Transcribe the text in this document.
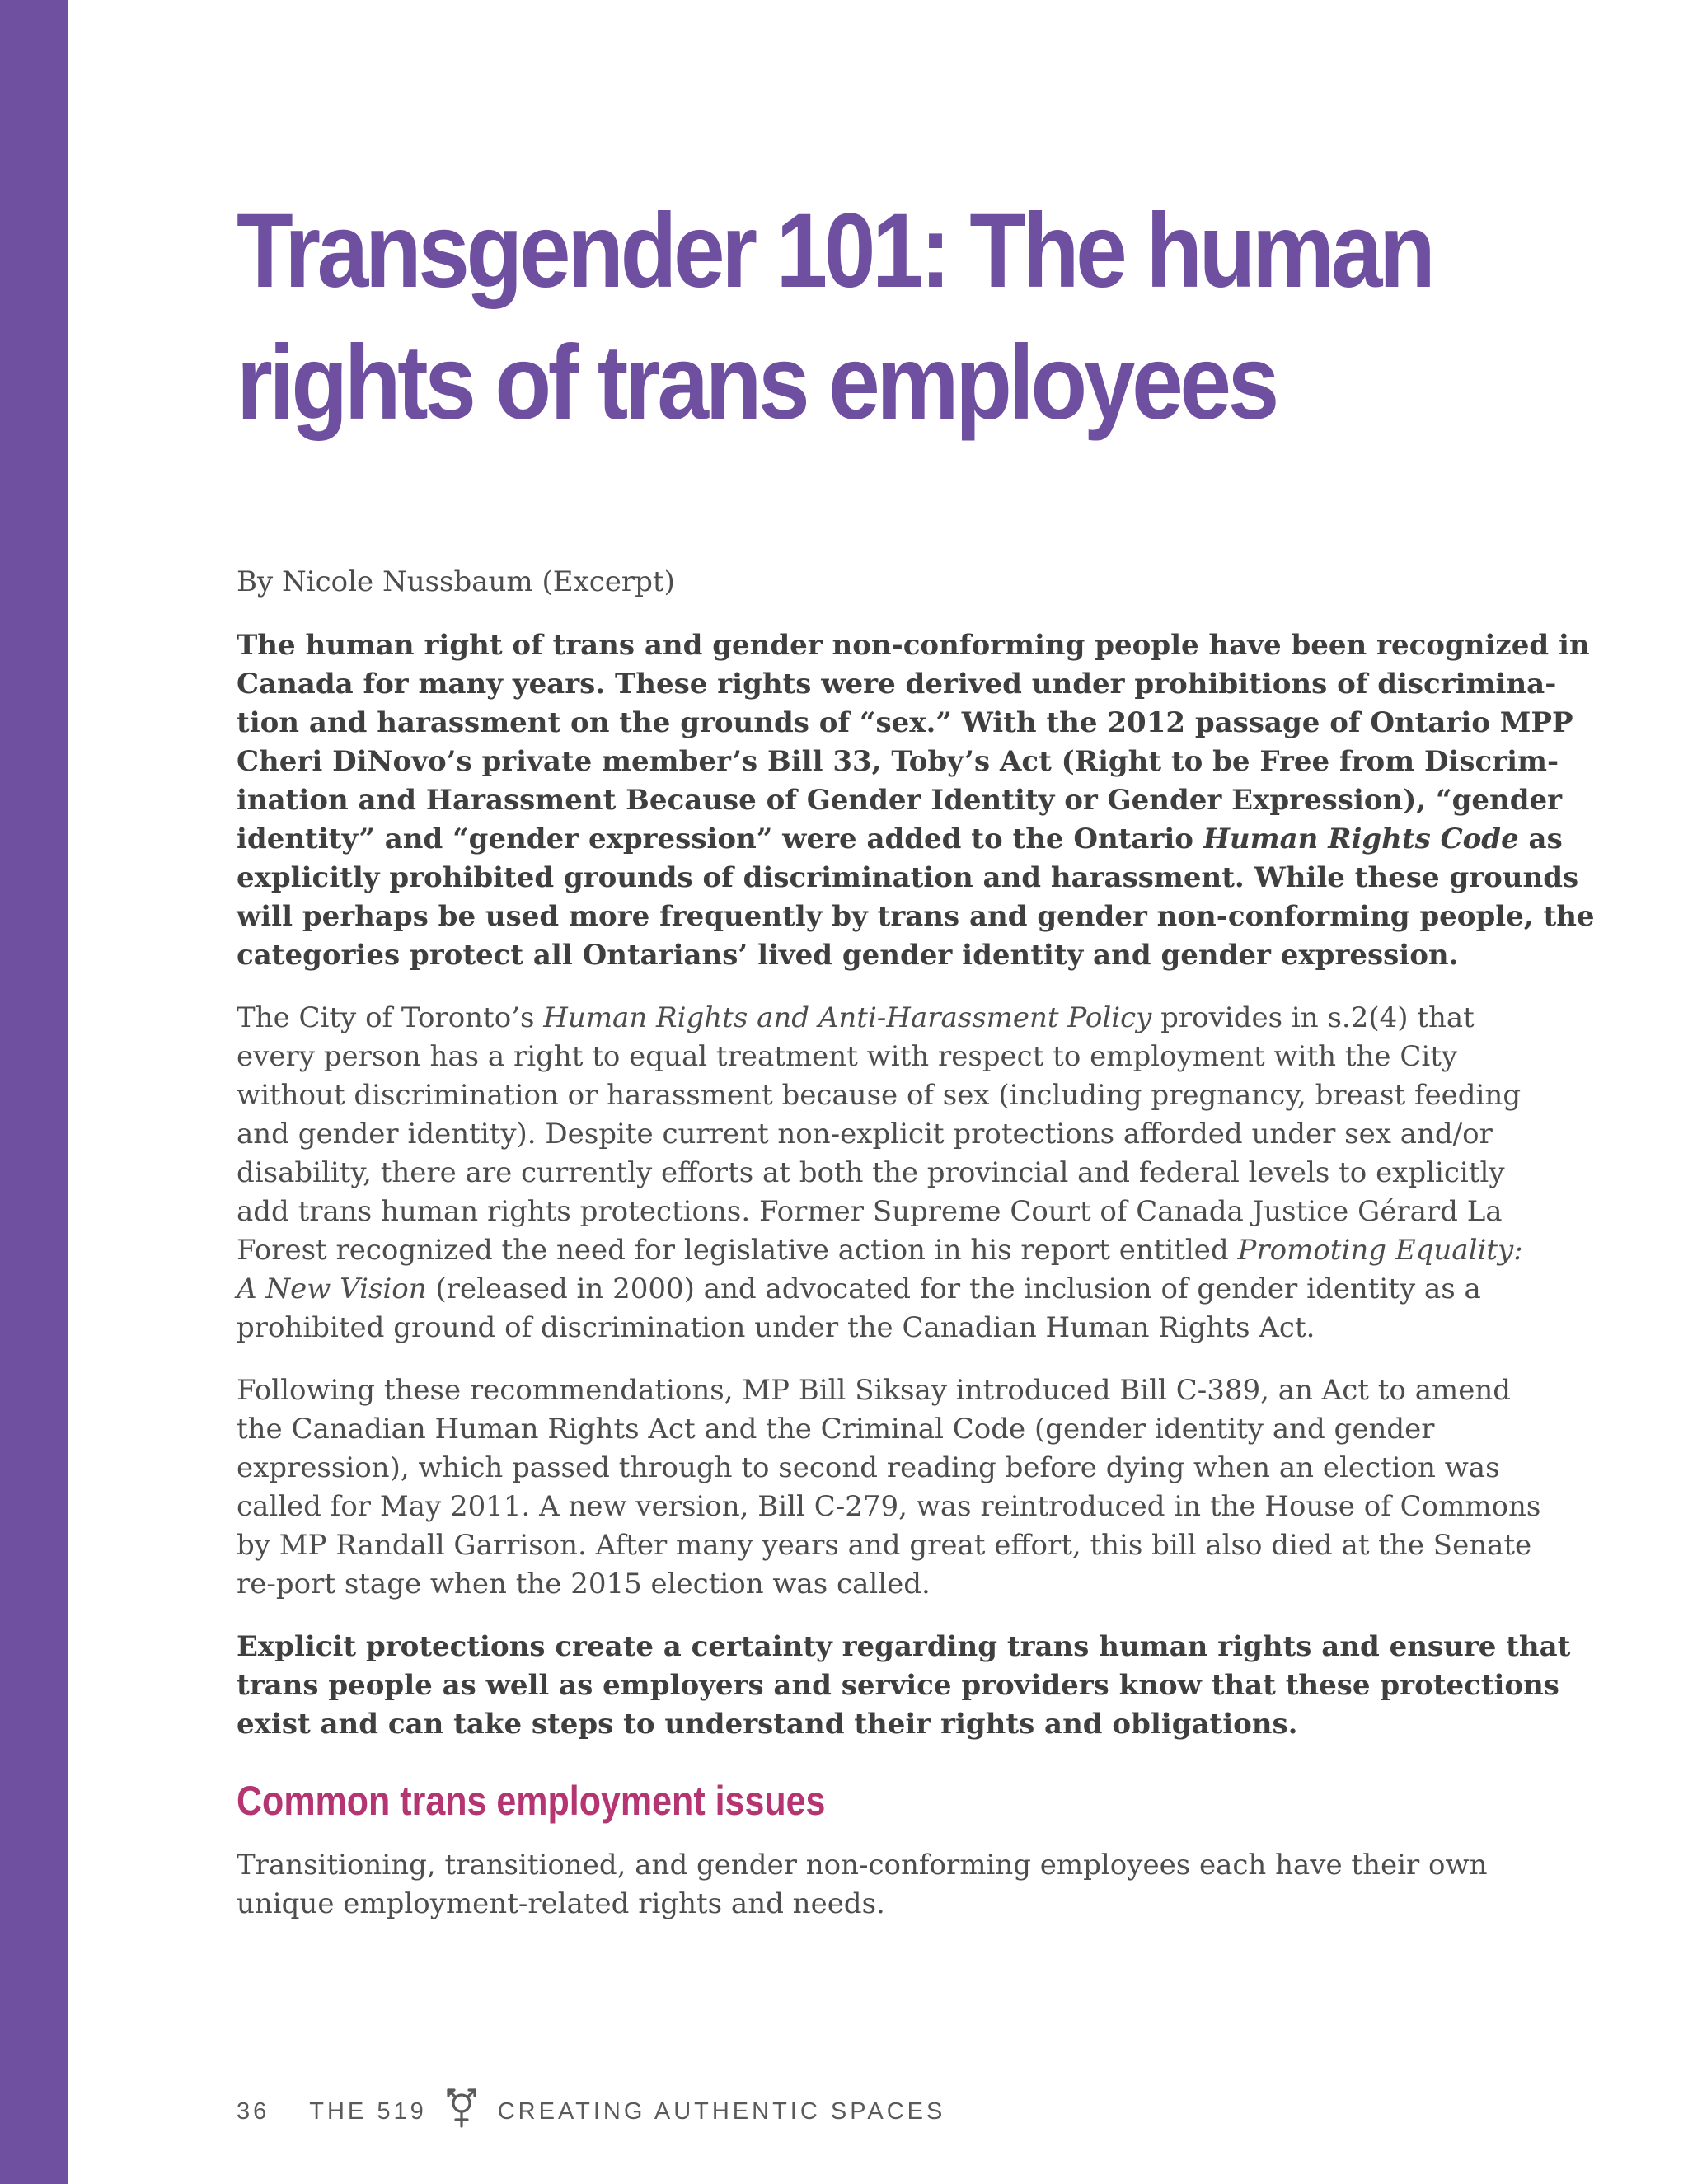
Transgender 101: The human
rights of trans employees

By Nicole Nussbaum (Excerpt)

The human right of trans and gender non-conforming people have been recognized in
Canada for many years. These rights were derived under prohibitions of discrimina-
tion and harassment on the grounds of “sex.” With the 2012 passage of Ontario MPP
Cheri DiNovo’s private member’s Bill 33, Toby’s Act (Right to be Free from Discrim-
ination and Harassment Because of Gender Identity or Gender Expression), “gender
identity” and “gender expression” were added to the Ontario Human Rights Code as
explicitly prohibited grounds of discrimination and harassment. While these grounds
will perhaps be used more frequently by trans and gender non-conforming people, the
categories protect all Ontarians’ lived gender identity and gender expression.

The City of Toronto’s Human Rights and Anti-Harassment Policy provides in s.2(4) that
every person has a right to equal treatment with respect to employment with the City
without discrimination or harassment because of sex (including pregnancy, breast feeding
and gender identity). Despite current non-explicit protections afforded under sex and/or
disability, there are currently efforts at both the provincial and federal levels to explicitly
add trans human rights protections. Former Supreme Court of Canada Justice Gérard La
Forest recognized the need for legislative action in his report entitled Promoting Equality:
A New Vision (released in 2000) and advocated for the inclusion of gender identity as a
prohibited ground of discrimination under the Canadian Human Rights Act.

Following these recommendations, MP Bill Siksay introduced Bill C-389, an Act to amend
the Canadian Human Rights Act and the Criminal Code (gender identity and gender
expression), which passed through to second reading before dying when an election was
called for May 2011. A new version, Bill C-279, was reintroduced in the House of Commons
by MP Randall Garrison. After many years and great effort, this bill also died at the Senate
re-port stage when the 2015 election was called.

Explicit protections create a certainty regarding trans human rights and ensure that
trans people as well as employers and service providers know that these protections
exist and can take steps to understand their rights and obligations.

Common trans employment issues

Transitioning, transitioned, and gender non-conforming employees each have their own
unique employment-related rights and needs.

36 THE 519	CREATING AUTHENTIC SPACES
